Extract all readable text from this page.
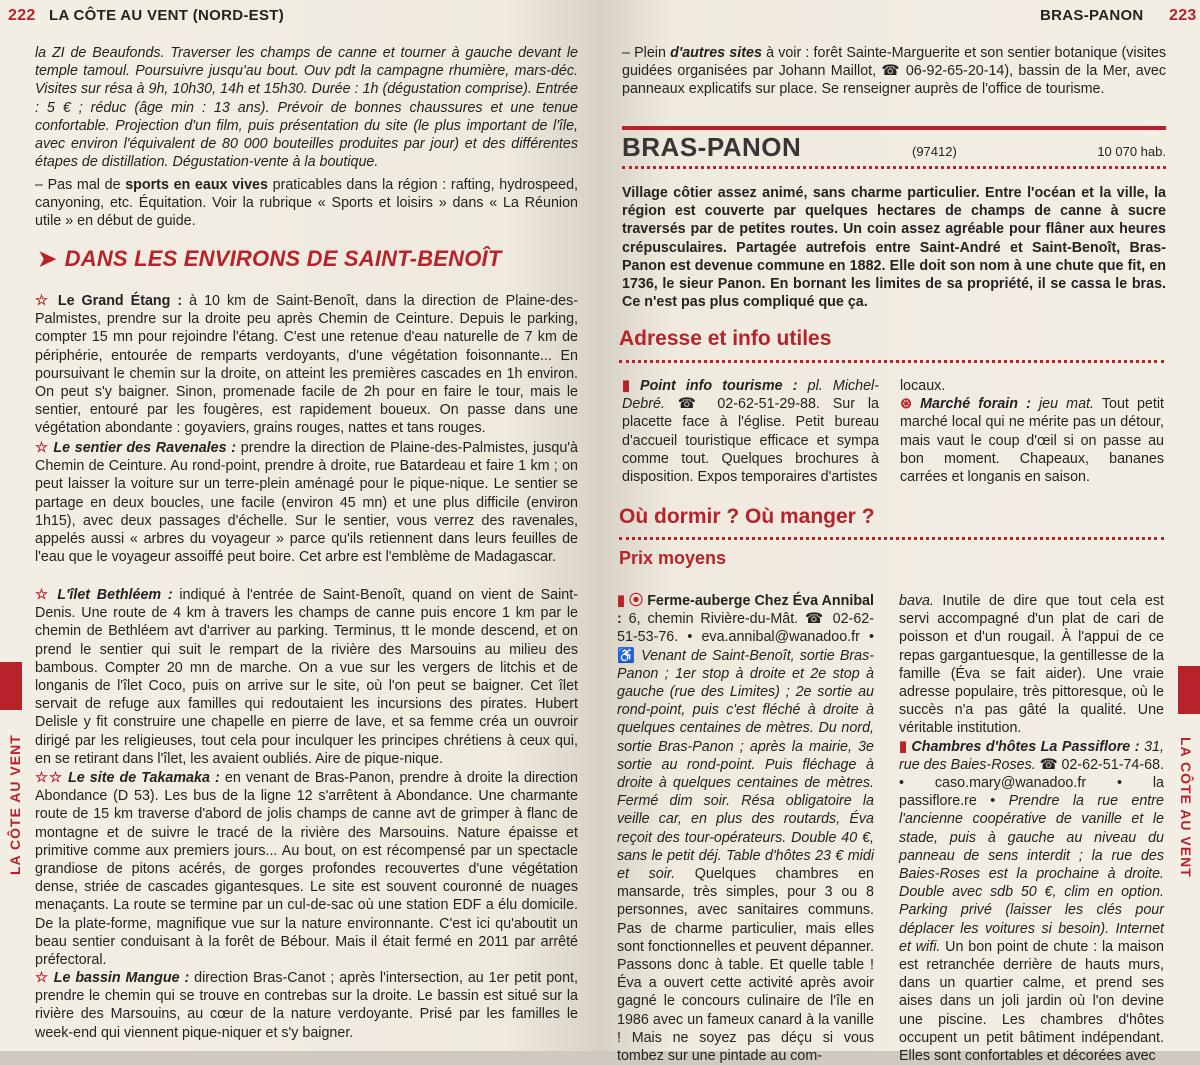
222 LA CÔTE AU VENT (NORD-EST)

la ZI de Beaufonds. Traverser les champs de canne et tourner à gauche devant le temple tamoul. Poursuivre jusqu'au bout. Ouv pdt la campagne rhumière, mars-déc. Visites sur résa à 9h, 10h30, 14h et 15h30. Durée : 1h (dégustation comprise). Entrée : 5 € ; réduc (âge min : 13 ans). Prévoir de bonnes chaussures et une tenue confortable. Projection d'un film, puis présentation du site (le plus important de l'île, avec environ l'équivalent de 80 000 bouteilles produites par jour) et des différentes étapes de distillation. Dégustation-vente à la boutique.

– Pas mal de sports en eaux vives praticables dans la région : rafting, hydrospeed, canyoning, etc. Équitation. Voir la rubrique « Sports et loisirs » dans « La Réunion utile » en début de guide.

➤ DANS LES ENVIRONS DE SAINT-BENOÎT

☆ Le Grand Étang : à 10 km de Saint-Benoît, dans la direction de Plaine-des-Palmistes, prendre sur la droite peu après Chemin de Ceinture. Depuis le parking, compter 15 mn pour rejoindre l'étang. C'est une retenue d'eau naturelle de 7 km de périphérie, entourée de remparts verdoyants, d'une végétation foisonnante... En poursuivant le chemin sur la droite, on atteint les premières cascades en 1h environ. On peut s'y baigner. Sinon, promenade facile de 2h pour en faire le tour, mais le sentier, entouré par les fougères, est rapidement boueux. On passe dans une végétation abondante : goyaviers, grains rouges, nattes et tans rouges.

☆ Le sentier des Ravenales : prendre la direction de Plaine-des-Palmistes, jusqu'à Chemin de Ceinture. Au rond-point, prendre à droite, rue Batardeau et faire 1 km ; on peut laisser la voiture sur un terre-plein aménagé pour le pique-nique. Le sentier se partage en deux boucles, une facile (environ 45 mn) et une plus difficile (environ 1h15), avec deux passages d'échelle. Sur le sentier, vous verrez des ravenales, appelés aussi « arbres du voyageur » parce qu'ils retiennent dans leurs feuilles de l'eau que le voyageur assoiffé peut boire. Cet arbre est l'emblème de Madagascar.

☆ L'îlet Bethléem : indiqué à l'entrée de Saint-Benoît, quand on vient de Saint-Denis. Une route de 4 km à travers les champs de canne puis encore 1 km par le chemin de Bethléem avt d'arriver au parking. Terminus, tt le monde descend, et on prend le sentier qui suit le rempart de la rivière des Marsouins au milieu des bambous. Compter 20 mn de marche. On a vue sur les vergers de litchis et de longanis de l'îlet Coco, puis on arrive sur le site, où l'on peut se baigner. Cet îlet servait de refuge aux familles qui redoutaient les incursions des pirates. Hubert Delisle y fit construire une chapelle en pierre de lave, et sa femme créa un ouvroir dirigé par les religieuses, tout cela pour inculquer les principes chrétiens à ceux qui, en se retirant dans l'îlet, les avaient oubliés. Aire de pique-nique.

☆☆ Le site de Takamaka : en venant de Bras-Panon, prendre à droite la direction Abondance (D 53). Les bus de la ligne 12 s'arrêtent à Abondance. Une charmante route de 15 km traverse d'abord de jolis champs de canne avt de grimper à flanc de montagne et de suivre le tracé de la rivière des Marsouins. Nature épaisse et primitive comme aux premiers jours... Au bout, on est récompensé par un spectacle grandiose de pitons acérés, de gorges profondes recouvertes d'une végétation dense, striée de cascades gigantesques. Le site est souvent couronné de nuages menaçants. La route se termine par un cul-de-sac où une station EDF a élu domicile. De la plate-forme, magnifique vue sur la nature environnante. C'est ici qu'aboutit un beau sentier conduisant à la forêt de Bébour. Mais il était fermé en 2011 par arrêté préfectoral.

☆ Le bassin Mangue : direction Bras-Canot ; après l'intersection, au 1er petit pont, prendre le chemin qui se trouve en contrebas sur la droite. Le bassin est situé sur la rivière des Marsouins, au cœur de la nature verdoyante. Prisé par les familles le week-end qui viennent pique-niquer et s'y baigner.

LA CÔTE AU VENT
BRAS-PANON 223

– Plein d'autres sites à voir : forêt Sainte-Marguerite et son sentier botanique (visites guidées organisées par Johann Maillot, ☎ 06-92-65-20-14), bassin de la Mer, avec panneaux explicatifs sur place. Se renseigner auprès de l'office de tourisme.

Village côtier assez animé, sans charme particulier. Entre l'océan et la ville, la région est couverte par quelques hectares de champs de canne à sucre traversés par de petites routes. Un coin assez agréable pour flâner aux heures crépusculaires. Partagée autrefois entre Saint-André et Saint-Benoît, Bras-Panon est devenue commune en 1882. Elle doit son nom à une chute que fit, en 1736, le sieur Panon. En bornant les limites de sa propriété, il se cassa le bras. Ce n'est pas plus compliqué que ça.

Adresse et info utiles

▮ Point info tourisme : pl. Michel-Debré. ☎ 02-62-51-29-88. Sur la placette face à l'église. Petit bureau d'accueil touristique efficace et sympa comme tout. Quelques brochures à disposition. Expos temporaires d'artistes

locaux.
⊛ Marché forain : jeu mat. Tout petit marché local qui ne mérite pas un détour, mais vaut le coup d'œil si on passe au bon moment. Chapeaux, bananes carrées et longanis en saison.

Où dormir ? Où manger ?
Prix moyens

▮ ⦿ Ferme-auberge Chez Éva Annibal : 6, chemin Rivière-du-Mât. ☎ 02-62-51-53-76. • eva.annibal@wanadoo.fr • ♿ Venant de Saint-Benoît, sortie Bras-Panon ; 1er stop à droite et 2e stop à gauche (rue des Limites) ; 2e sortie au rond-point, puis c'est fléché à droite à quelques centaines de mètres. Du nord, sortie Bras-Panon ; après la mairie, 3e sortie au rond-point. Puis fléchage à droite à quelques centaines de mètres. Fermé dim soir. Résa obligatoire la veille car, en plus des routards, Éva reçoit des tour-opérateurs. Double 40 €, sans le petit déj. Table d'hôtes 23 € midi et soir. Quelques chambres en mansarde, très simples, pour 3 ou 8 personnes, avec sanitaires communs. Pas de charme particulier, mais elles sont fonctionnelles et peuvent dépanner. Passons donc à table. Et quelle table ! Éva a ouvert cette activité après avoir gagné le concours culinaire de l'île en 1986 avec un fameux canard à la vanille ! Mais ne soyez pas déçu si vous tombez sur une pintade au com-

bava. Inutile de dire que tout cela est servi accompagné d'un plat de cari de poisson et d'un rougail. À l'appui de ce repas gargantuesque, la gentillesse de la famille (Éva se fait aider). Une vraie adresse populaire, très pittoresque, où le succès n'a pas gâté la qualité. Une véritable institution.

▮ Chambres d'hôtes La Passiflore : 31, rue des Baies-Roses. ☎ 02-62-51-74-68. • caso.mary@wanadoo.fr • la passiflore.re • Prendre la rue entre l'ancienne coopérative de vanille et le stade, puis à gauche au niveau du panneau de sens interdit ; la rue des Baies-Roses est la prochaine à droite. Double avec sdb 50 €, clim en option. Parking privé (laisser les clés pour déplacer les voitures si besoin). Internet et wifi. Un bon point de chute : la maison est retranchée derrière de hauts murs, dans un quartier calme, et prend ses aises dans un joli jardin où l'on devine une piscine. Les chambres d'hôtes occupent un petit bâtiment indépendant. Elles sont confortables et décorées avec

BRAS-PANON	(97412)	10 070 hab.
LA CÔTE AU VENT
